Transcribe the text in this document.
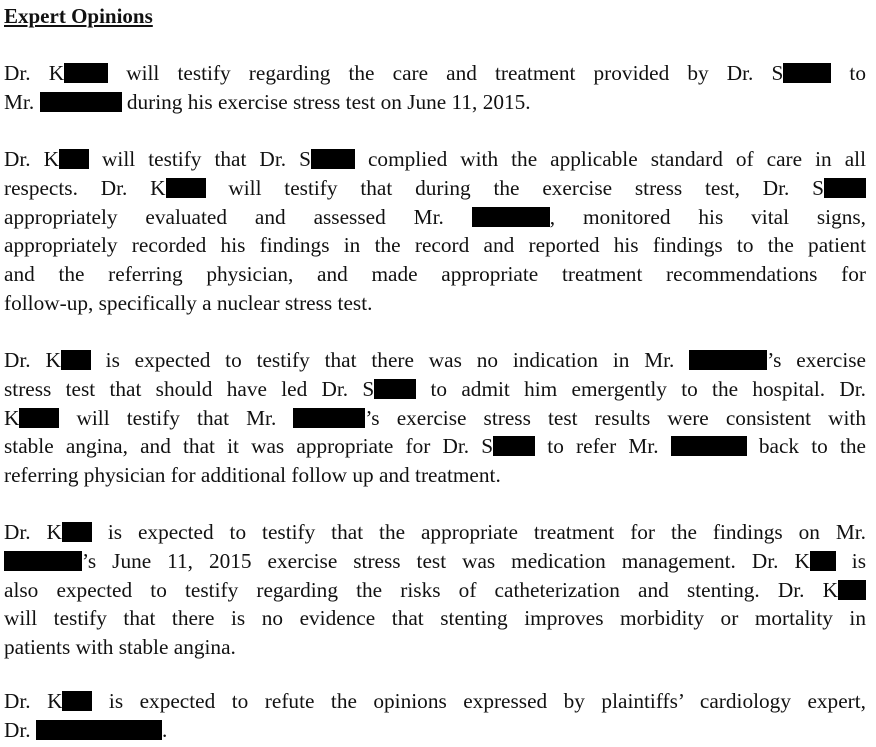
Expert Opinions
Dr. K will testify regarding the care and treatment provided by Dr. S to
Mr.	during his exercise stress test on June 11, 2015.
Dr. K will testify that Dr. S complied with the applicable standard of care in all
respects. Dr. K will testify that during the exercise stress test, Dr. S
appropriately evaluated and assessed Mr.	, monitored his vital signs,
appropriately recorded his findings in the record and reported his findings to the patient
and the referring physician, and made appropriate treatment recommendations for
follow-up, specifically a nuclear stress test.
Dr. K is expected to testify that there was no indication in Mr.	’s exercise
stress test that should have led Dr. S to admit him emergently to the hospital. Dr.
K will testify that Mr.	’s exercise stress test results were consistent with
stable angina, and that it was appropriate for Dr. S to refer Mr.	back to the
referring physician for additional follow up and treatment.
Dr. K is expected to testify that the appropriate treatment for the findings on Mr.
’s June 11, 2015 exercise stress test was medication management. Dr. K is
also expected to testify regarding the risks of catheterization and stenting. Dr. K
will testify that there is no evidence that stenting improves morbidity or mortality in
patients with stable angina.
Dr. K is expected to refute the opinions expressed by plaintiffs’ cardiology expert,
Dr.	.
